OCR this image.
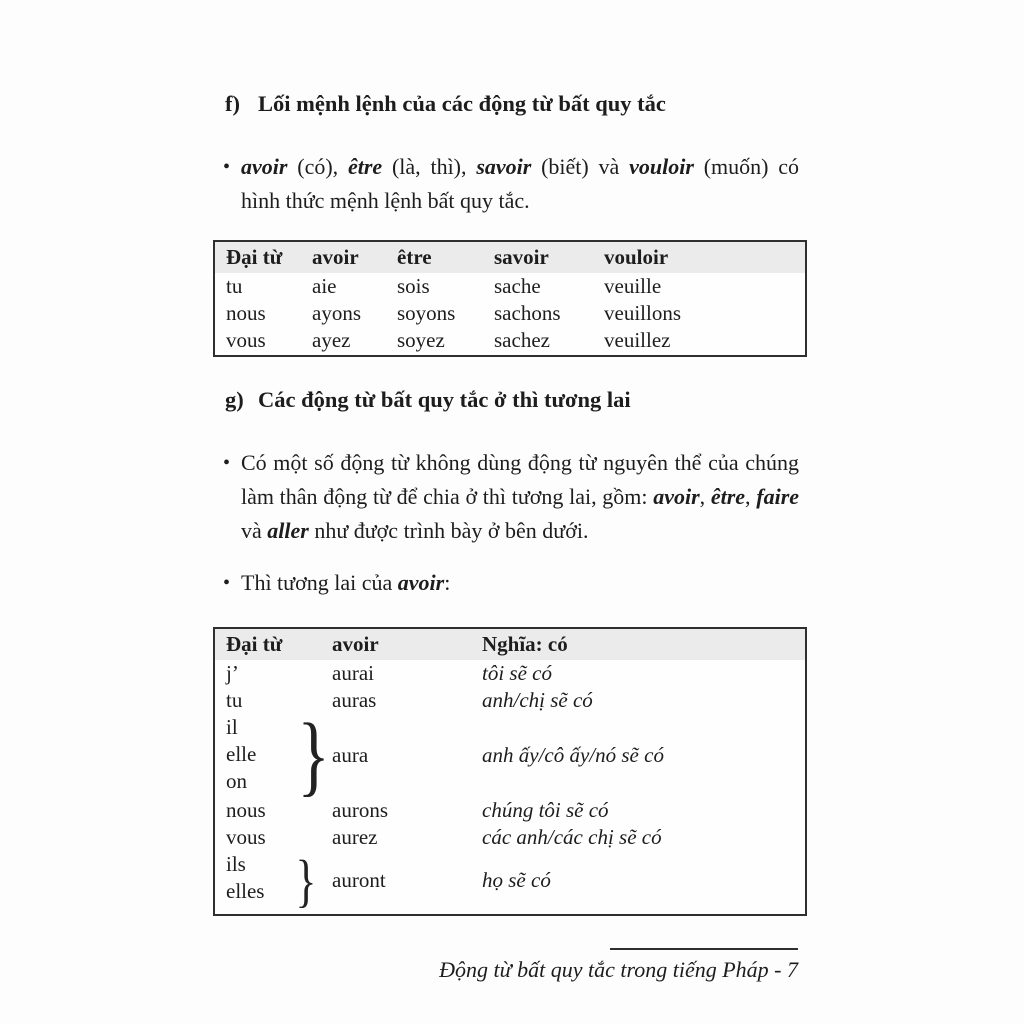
f) Lối mệnh lệnh của các động từ bất quy tắc
• avoir (có), être (là, thì), savoir (biết) và vouloir (muốn) có hình thức mệnh lệnh bất quy tắc.
Đại từ	avoir	être	savoir	vouloir
tu	aie	sois	sache	veuille
nous	ayons	soyons	sachons	veuillons
vous	ayez	soyez	sachez	veuillez
g) Các động từ bất quy tắc ở thì tương lai
• Có một số động từ không dùng động từ nguyên thể của chúng làm thân động từ để chia ở thì tương lai, gồm: avoir, être, faire và aller như được trình bày ở bên dưới.
• Thì tương lai của avoir:
Đại từ	avoir	Nghĩa: có
j’	aurai	tôi sẽ có
tu	auras	anh/chị sẽ có
il
elle
on } aura	anh ấy/cô ấy/nó sẽ có
nous	aurons	chúng tôi sẽ có
vous	aurez	các anh/các chị sẽ có
ils
elles } auront	họ sẽ có
Động từ bất quy tắc trong tiếng Pháp - 7
